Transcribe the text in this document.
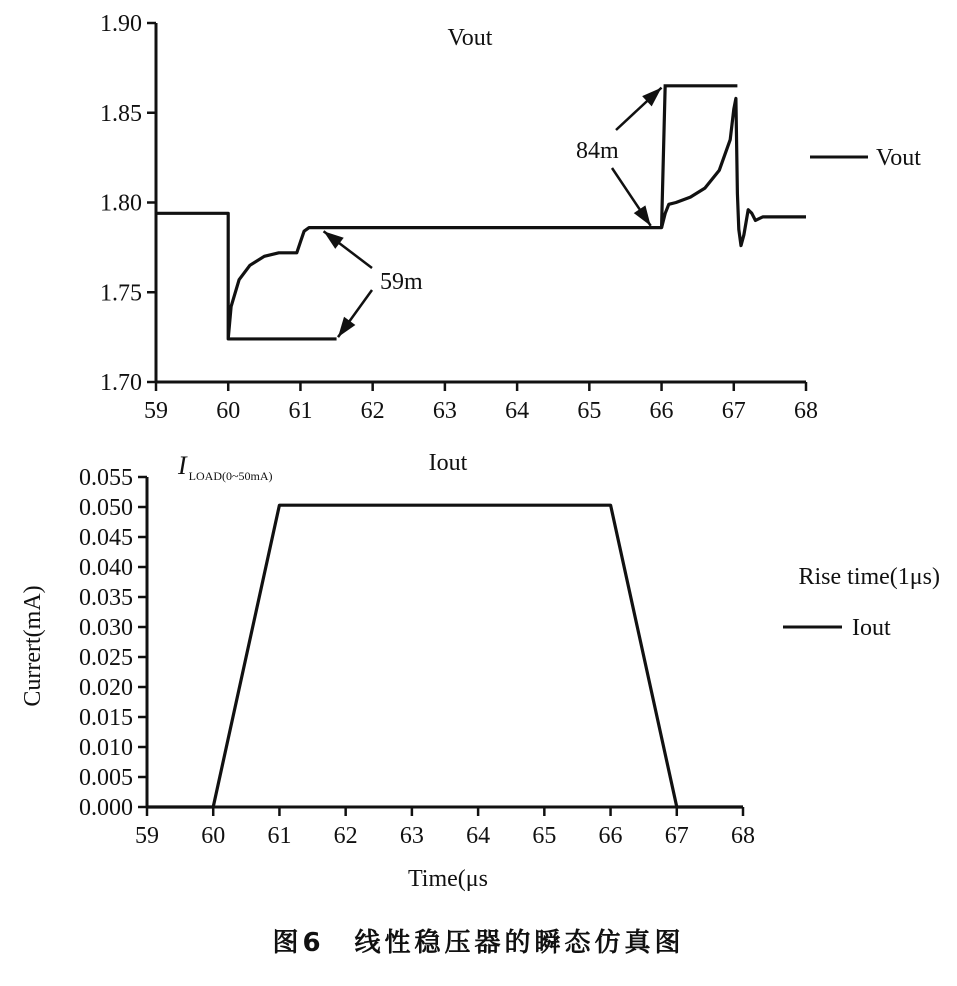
Vout
59 60 61 62 63 64 65 66 67 68
1.70
1.75
1.80
1.85
1.90
59m
84m	Vout
Iout
I $_{LOAD(0\sim 50mA)}$
59 60 61 62 63 64 65 66 67 68
0.000
0.005
0.010
0.015
0.020
0.025
0.030
0.035
0.040
0.045
0.050
0.055
Currert(mA)
Time(μs
Rise time(1μs)
Iout
图6　线性稳压器的瞬态仿真图
